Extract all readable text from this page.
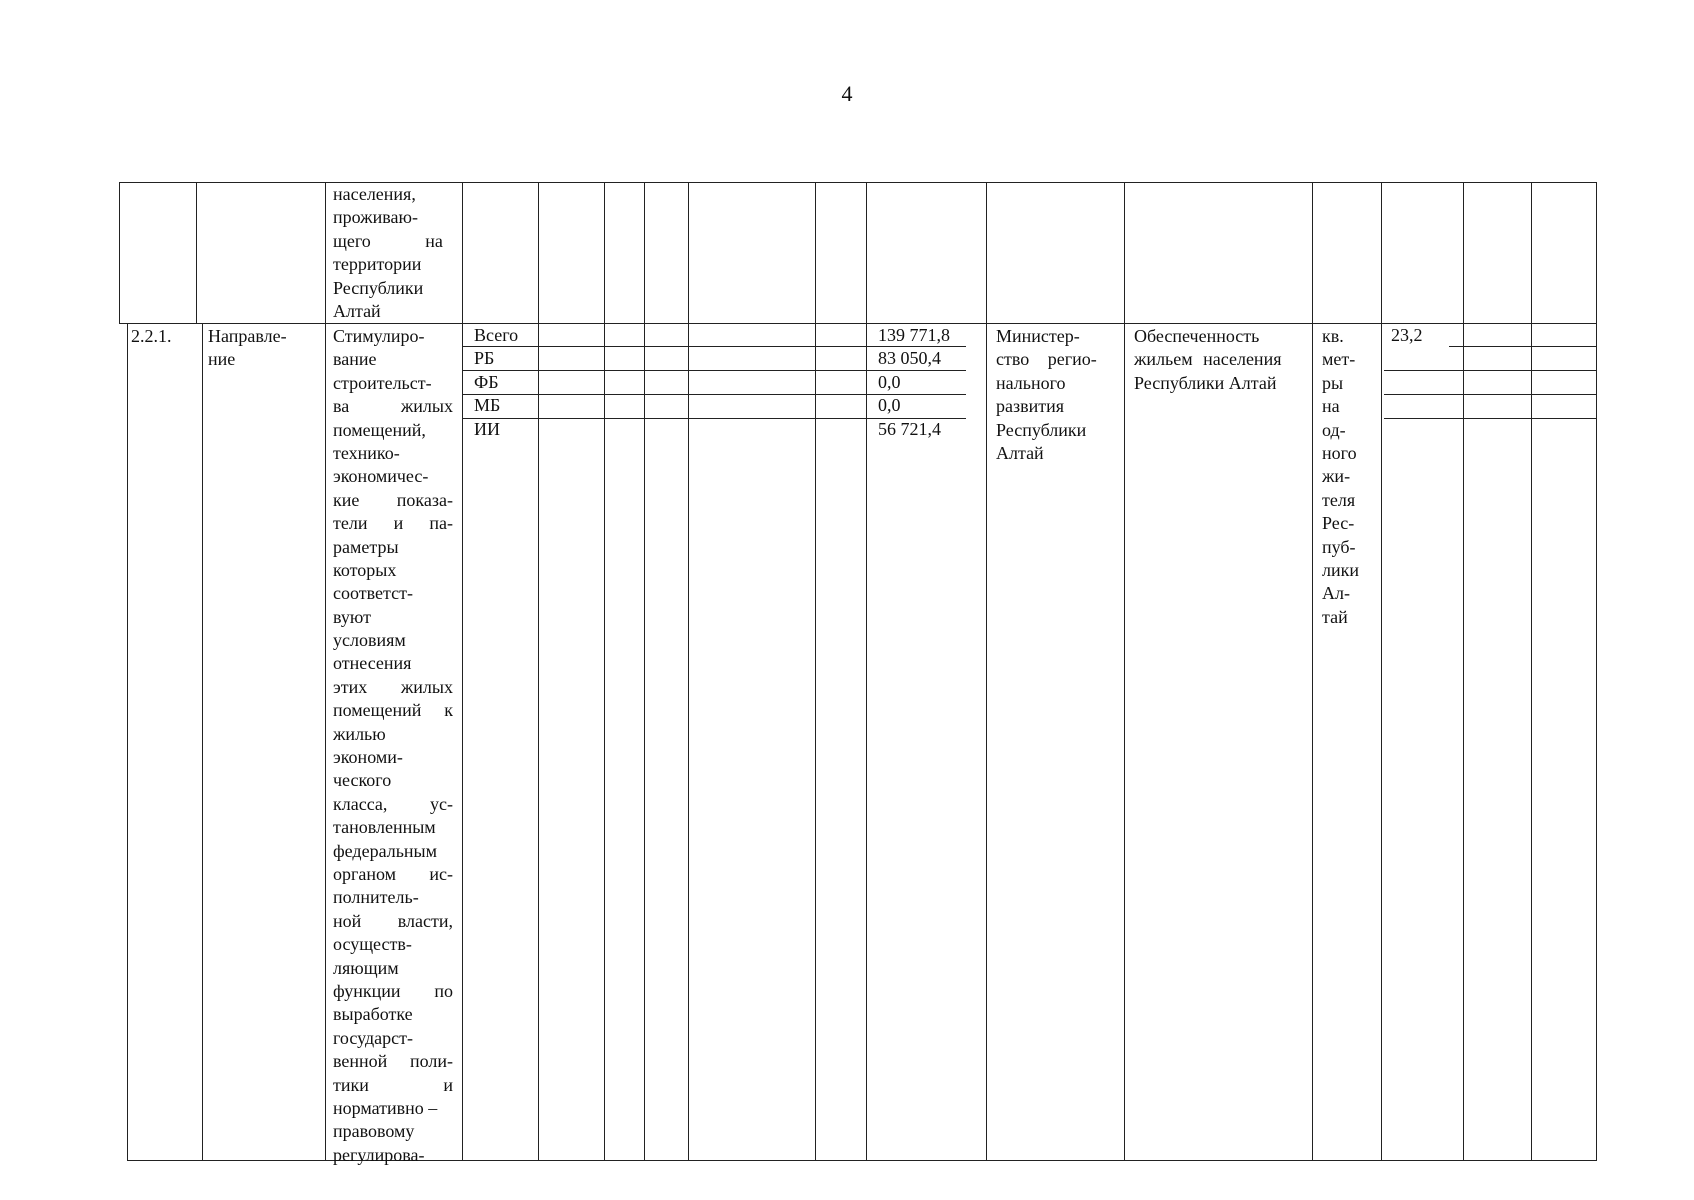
4
населения,
проживаю-
щего на
территории
Республики
Алтай
2.2.1. Направле-
ние
Стимулиро-
вание
строительст-
ва	жилых
помещений,
технико-
экономичес-
кие показа-
тели и па-
раметры
которых
соответст-
вуют
условиям
отнесения
этих жилых
помещений к
жилью
экономи-
ческого
класса, ус-
тановленным
федеральным
органом ис-
полнитель-
ной власти,
осуществ-
ляющим
функции по
выработке
государст-
венной поли-
тики	и
нормативно –
правовому
регулирова-
Всего
РБ
ФБ
МБ
ИИ
139 771,8
83 050,4
0,0
0,0
56 721,4
Министер-
ство регио-
нального
развития
Республики
Алтай
Обеспеченность
жильем населения
Республики Алтай
кв.
мет-
ры
на
од-
ного
жи-
теля
Рес-
пуб-
лики
Ал-
тай
23,2
